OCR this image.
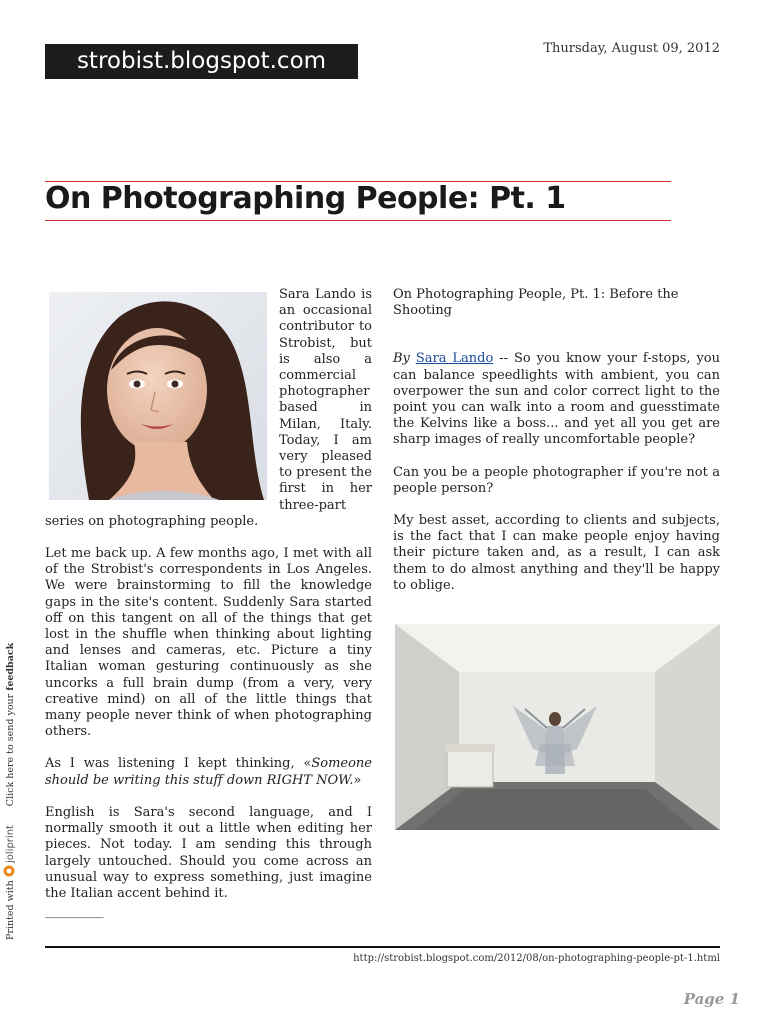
strobist.blogspot.com	Thursday, August 09, 2012
On Photographing People: Pt. 1

Sara Lando is an occasional contributor to Strobist, but is also a commercial photographer based in Milan, Italy. Today, I am very pleased to present the first in her three-part series on photographing people.

Let me back up. A few months ago, I met with all of the Strobist's correspondents in Los Angeles. We were brainstorming to fill the knowledge gaps in the site's content. Suddenly Sara started off on this tangent on all of the things that get lost in the shuffle when thinking about lighting and lenses and cameras, etc. Picture a tiny Italian woman gesturing continuously as she uncorks a full brain dump (from a very, very creative mind) on all of the little things that many people never think of when photographing others.

As I was listening I kept thinking, «Someone should be writing this stuff down RIGHT NOW.»

English is Sara's second language, and I normally smooth it out a little when editing her pieces. Not today. I am sending this through largely untouched. Should you come across an unusual way to express something, just imagine the Italian accent behind it.

_________

On Photographing People, Pt. 1: Before the Shooting

By Sara Lando -- So you know your f-stops, you can balance speedlights with ambient, you can overpower the sun and color correct light to the point you can walk into a room and guesstimate the Kelvins like a boss... and yet all you get are sharp images of really uncomfortable people?

Can you be a people photographer if you're not a people person?

My best asset, according to clients and subjects, is the fact that I can make people enjoy having their picture taken and, as a result, I can ask them to do almost anything and they'll be happy to oblige.

http://strobist.blogspot.com/2012/08/on-photographing-people-pt-1.html
Page 1
Printed with
joliprint
Click here to send your feedback
